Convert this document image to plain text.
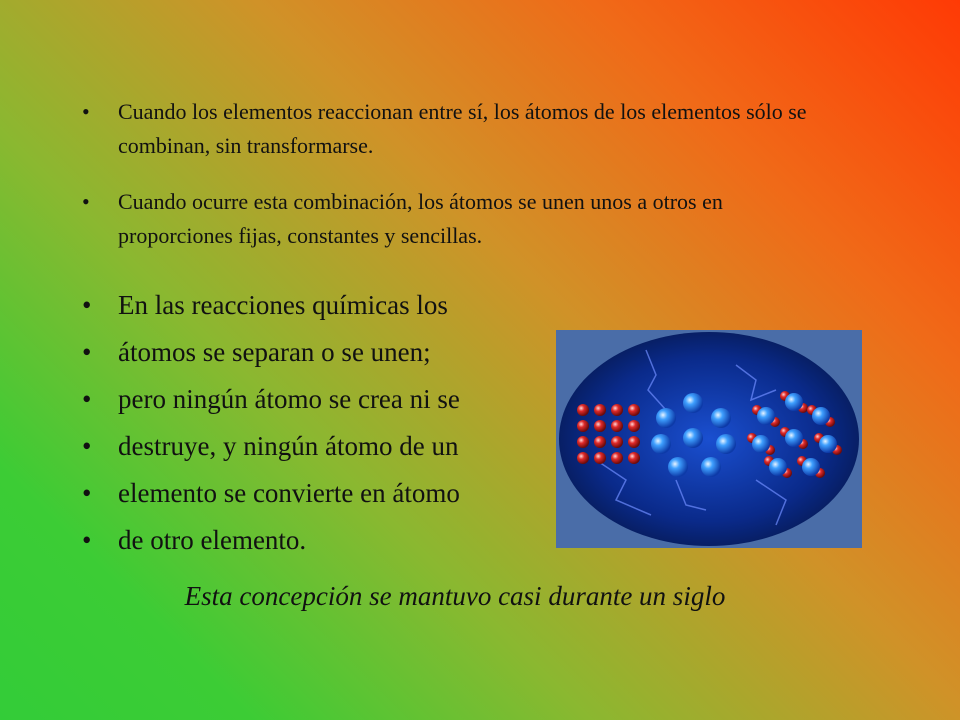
• Cuando los elementos reaccionan entre sí, los átomos de los elementos sólo se combinan, sin transformarse.
• Cuando ocurre esta combinación, los átomos se unen unos a otros en proporciones fijas, constantes y sencillas.
• En las reacciones químicas los
• átomos se separan o se unen;
• pero ningún átomo se crea ni se
• destruye, y ningún átomo de un
• elemento se convierte en átomo
• de otro elemento.
Esta concepción se mantuvo casi durante un siglo
